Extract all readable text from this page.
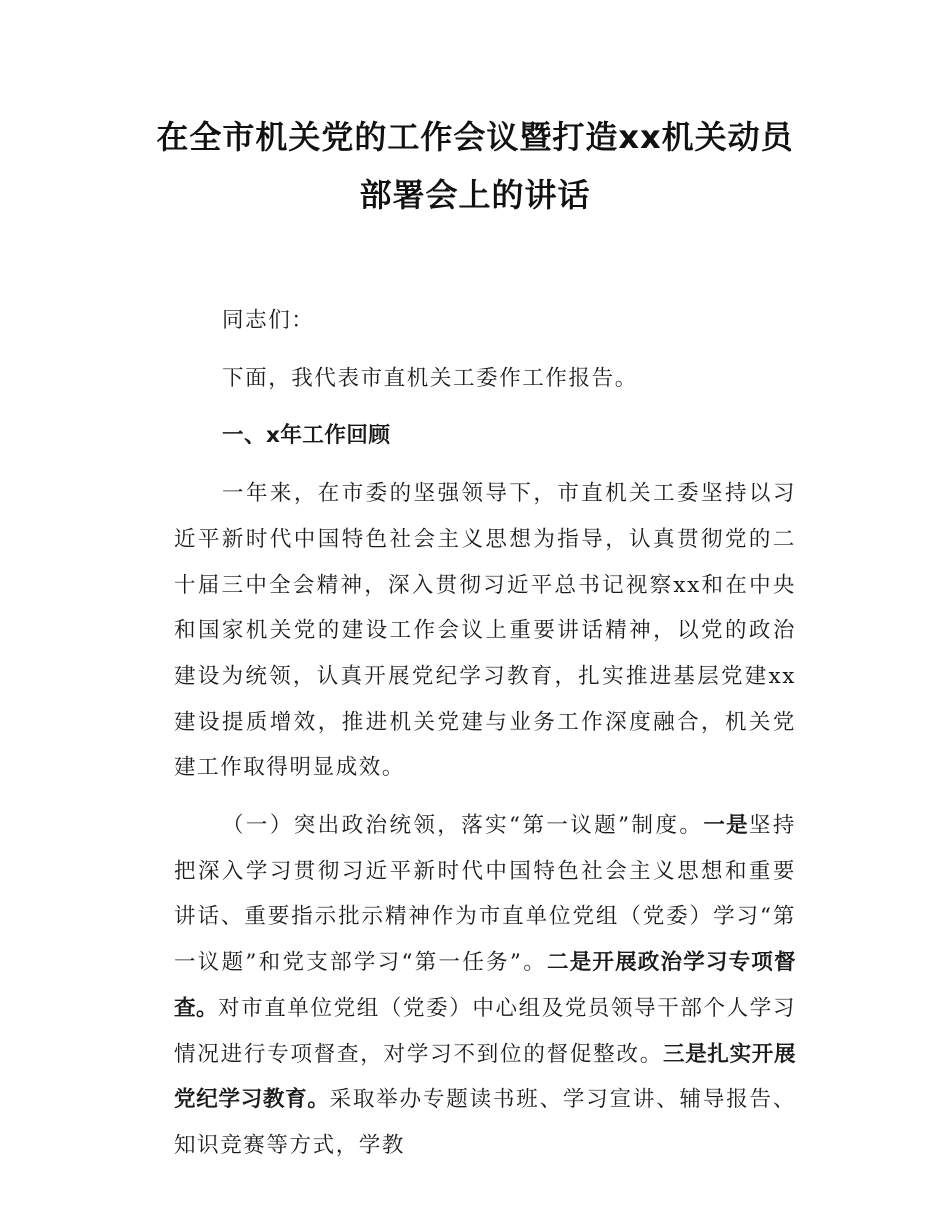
在全市机关党的工作会议暨打造xx机关动员
部署会上的讲话

同志们：

下面，我代表市直机关工委作工作报告。

一、x年工作回顾

一年来，在市委的坚强领导下，市直机关工委坚持以习近平新时代中国特色社会主义思想为指导，认真贯彻党的二十届三中全会精神，深入贯彻习近平总书记视察xx和在中央和国家机关党的建设工作会议上重要讲话精神，以党的政治建设为统领，认真开展党纪学习教育，扎实推进基层党建xx建设提质增效，推进机关党建与业务工作深度融合，机关党建工作取得明显成效。

（一）突出政治统领，落实“第一议题”制度。一是坚持把深入学习贯彻习近平新时代中国特色社会主义思想和重要讲话、重要指示批示精神作为市直单位党组（党委）学习“第一议题”和党支部学习“第一任务”。二是开展政治学习专项督查。对市直单位党组（党委）中心组及党员领导干部个人学习情况进行专项督查，对学习不到位的督促整改。三是扎实开展党纪学习教育。采取举办专题读书班、学习宣讲、辅导报告、知识竞赛等方式，学教
